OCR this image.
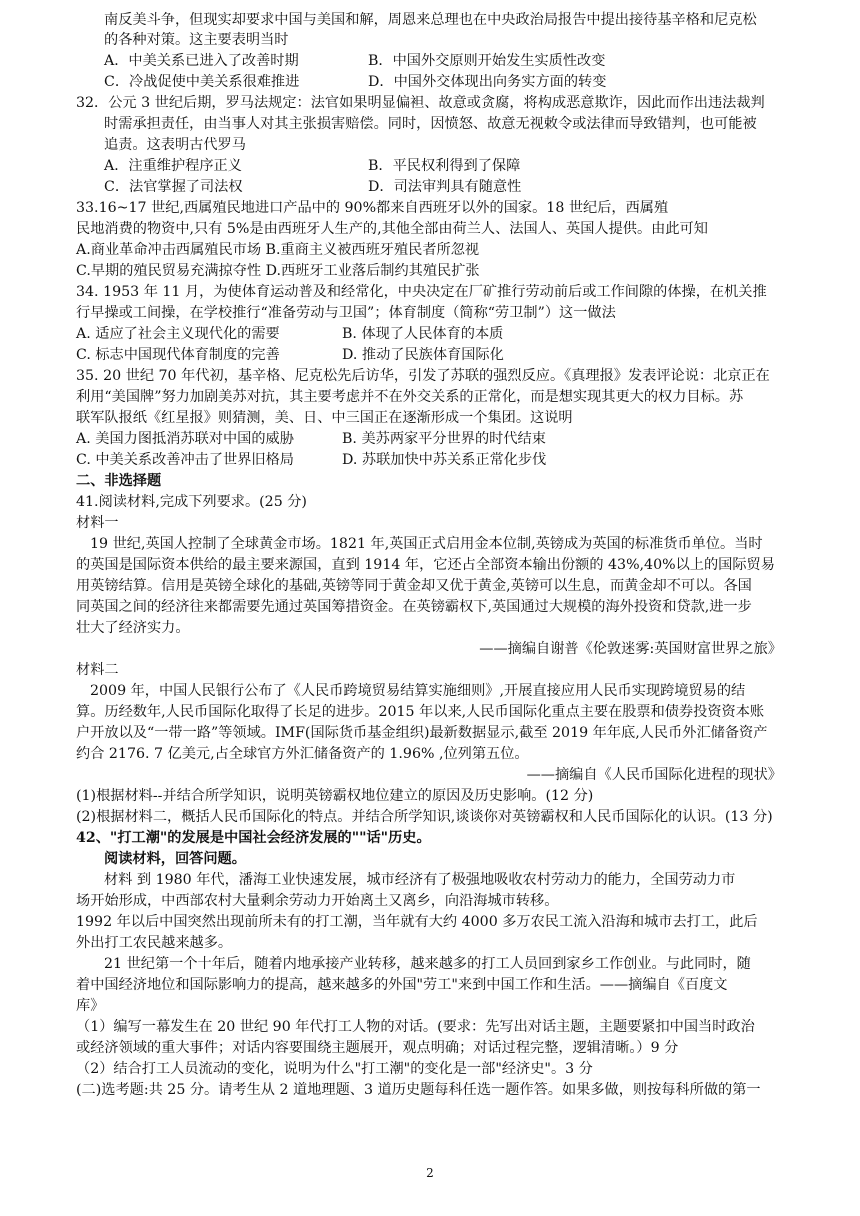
南反美斗争，但现实却要求中国与美国和解，周恩来总理也在中央政治局报告中提出接待基辛格和尼克松
的各种对策。这主要表明当时
A．中美关系已进入了改善时期	B．中国外交原则开始发生实质性改变
C．冷战促使中美关系很难推进	D．中国外交体现出向务实方面的转变
32．公元 3 世纪后期，罗马法规定：法官如果明显偏袒、故意或贪腐，将构成恶意欺诈，因此而作出违法裁判
时需承担责任，由当事人对其主张损害赔偿。同时，因愤怒、故意无视敕令或法律而导致错判，也可能被
追责。这表明古代罗马
A．注重维护程序正义	B．平民权利得到了保障
C．法官掌握了司法权	D．司法审判具有随意性
33.16~17 世纪,西属殖民地进口产品中的 90%都来自西班牙以外的国家。18 世纪后，西属殖
民地消费的物资中,只有 5%是由西班牙人生产的,其他全部由荷兰人、法国人、英国人提供。由此可知
A.商业革命冲击西属殖民市场 B.重商主义被西班牙殖民者所忽视
C.早期的殖民贸易充满掠夺性 D.西班牙工业落后制约其殖民扩张
34. 1953 年 11 月，为使体育运动普及和经常化，中央决定在厂矿推行劳动前后或工作间隙的体操，在机关推
行早操或工间操，在学校推行“准备劳动与卫国”；体育制度（简称“劳卫制”）这一做法
A. 适应了社会主义现代化的需要	B. 体现了人民体育的本质
C. 标志中国现代体育制度的完善	D. 推动了民族体育国际化
35. 20 世纪 70 年代初，基辛格、尼克松先后访华，引发了苏联的强烈反应。《真理报》发表评论说：北京正在
利用“美国牌”努力加剧美苏对抗，其主要考虑并不在外交关系的正常化，而是想实现其更大的权力目标。苏
联军队报纸《红星报》则猜测，美、日、中三国正在逐渐形成一个集团。这说明
A. 美国力图抵消苏联对中国的威胁	B. 美苏两家平分世界的时代结束
C. 中美关系改善冲击了世界旧格局	D. 苏联加快中苏关系正常化步伐
二、非选择题
41.阅读材料,完成下列要求。(25 分)
材料一
19 世纪,英国人控制了全球黄金市场。1821 年,英国正式启用金本位制,英镑成为英国的标准货币单位。当时
的英国是国际资本供给的最主要来源国，直到 1914 年，它还占全部资本输出份额的 43%,40%以上的国际贸易
用英镑结算。信用是英镑全球化的基础,英镑等同于黄金却又优于黄金,英镑可以生息，而黄金却不可以。各国
同英国之间的经济往来都需要先通过英国筹措资金。在英镑霸权下,英国通过大规模的海外投资和贷款,进一步
壮大了经济实力。
——摘编自谢普《伦敦迷雾:英国财富世界之旅》
材料二
2009 年，中国人民银行公布了《人民币跨境贸易结算实施细则》,开展直接应用人民币实现跨境贸易的结
算。历经数年,人民币国际化取得了长足的进步。2015 年以来,人民币国际化重点主要在股票和债券投资资本账
户开放以及“一带一路”等领域。IMF(国际货币基金组织)最新数据显示,截至 2019 年年底,人民币外汇储备资产
约合 2176. 7 亿美元,占全球官方外汇储备资产的 1.96% ,位列第五位。
——摘编自《人民币国际化进程的现状》
(1)根据材料--并结合所学知识，说明英镑霸权地位建立的原因及历史影响。(12 分)
(2)根据材料二，概括人民币国际化的特点。并结合所学知识,谈谈你对英镑霸权和人民币国际化的认识。(13 分)
42、"打工潮"的发展是中国社会经济发展的""话"历史。
阅读材料，回答问题。
材料 到 1980 年代，潘海工业快速发展，城市经济有了极强地吸收农村劳动力的能力，全国劳动力市
场开始形成，中西部农村大量剩余劳动力开始离土又离乡，向沿海城市转移。
1992 年以后中国突然出现前所未有的打工潮，当年就有大约 4000 多万农民工流入沿海和城市去打工，此后
外出打工农民越来越多。
21 世纪第一个十年后，随着内地承接产业转移，越来越多的打工人员回到家乡工作创业。与此同时，随
着中国经济地位和国际影响力的提高，越来越多的外国"劳工"来到中国工作和生活。——摘编自《百度文
库》
（1）编写一幕发生在 20 世纪 90 年代打工人物的对话。(要求：先写出对话主题，主题要紧扣中国当时政治
或经济领域的重大事件；对话内容要围绕主题展开，观点明确；对话过程完整，逻辑清晰。）9 分
（2）结合打工人员流动的变化，说明为什么"打工潮"的变化是一部"经济史"。3 分
(二)选考题:共 25 分。请考生从 2 道地理题、3 道历史题每科任选一题作答。如果多做，则按每科所做的第一
2
